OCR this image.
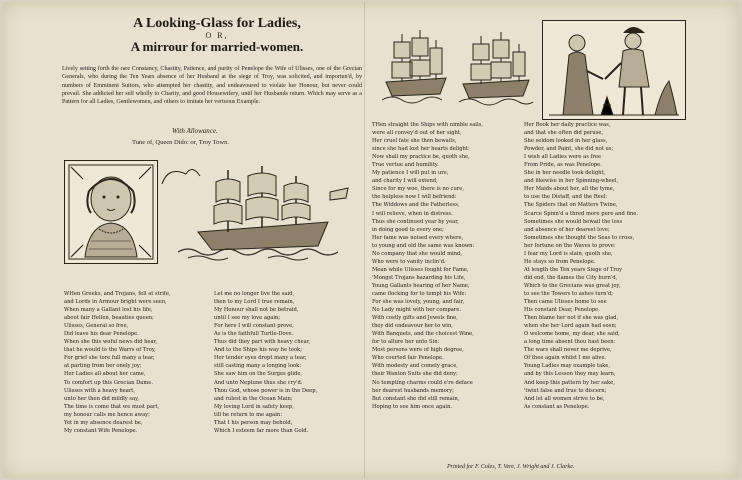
A Looking-Glass for Ladies,
O R,
A mirrour for married-women.
Lively setting forth the rare Constancy, Chastity, Patience, and purity of Penelope the Wife of Ulisses, one of the Grecian Generals, who during the Ten Years absence of her Husband at the siege of Troy, was solicited, and importun'd, by numbers of Emminent Suitors, who attempted her chastity, and endeavoured to violate her Honour, but never could prevail. She addicted her self wholly to Charity, and good Housewifery, until her Husbands return. Which may serve as a Pattern for all Ladies, Gentlewomen, and others to imitate her vertuous Example.
With Allowance.
Tune of, Queen Dido: or, Troy Town.
WHen Greeks, and Trojans, fell at strife,
and Lords in Armour bright were seen,
When many a Gallant lost his life,
about fair Hellen, beauties queen;
Ulisses, General so free,
Did leave his dear Penelope.
When she this woful news did hear,
that he would to the Warrs of Troy,
For grief she tore full many a tear,
at parting from her onely joy;
Her Ladies all about her came,
To comfort up this Grecian Dame.
Ulisses with a heavy heart,
unto her then did mildly say,
The time is come that we must part,
my honour calls me hence away;
Yet in my absence dearest be,
My constant Wife Penelope.
Let me no longer live the said,
then to my Lord I true remain,
My Honour shall not be betraid,
until I see my love again;
For here I will constant prove,
As is the faithfull Turtle-Dove.
Thus did they part with heavy chear,
And to the Ships his way he took;
Her tender eyes dropt many a tear,
still casting many a longing look:
She saw him on the Surges glide,
And unto Neptune thus she cry'd.
Thou God, whose power is in the Deep,
and rulest in the Ocean Main;
My loving Lord in safety keep,
till he return to me again:
That I his person may behold,
Which I esteem far more than Gold.
THen straight the Ships with nimble sails,
were all convey'd out of her sight,
Her cruel fate she then bewails,
since she had lost her hearts delight:
Now shall my practice be, quoth she,
True vertue and humility.
My patience I will put in ure,
and charity I will extend,
Since for my woe, there is no cure,
the helpless now I will befriend:
The Widdows and the Fatherless,
I will relieve, when in distress.
Thus she continued year by year,
in doing good to every one;
Her fame was noised every where,
to young and old the same was known:
No company that she would mind,
Who were to vanity inclin'd.
Mean while Ulisses fought for Fame,
'Mongst Trojans hazarding his Life,
Young Gallants hearing of her Name,
came flocking for to tempt his Wife:
For she was lovely, young, and fair,
No Lady might with her compare.
With costly gifts and Jewels fine,
they did endeavour her to win,
With Banquets, and the choicest Wine,
for to allure her unto Sin:
Most persons were of high degree,
Who courted fair Penelope.
With modesty and comely grace,
their Wanton Suits she did deny;
No tempting charms could e're deface
her dearest husbands memory;
But constant she did still remain,
Hoping to see him once again.
Her Book her daily practice was,
and that she often did peruse,
She seldom looked in her glass,
Powder, and Paint, she did not us;
I wish all Ladies were as free
From Pride, as was Penelope.
She in her needle took delight,
and likewise in her Spinning-wheel,
Her Maids about her, all the tyme,
to use the Distaff, and the Reel:
The Spiders that on Matters Twine,
Scarce Spinn'd a thred more pure and fine.
Sometimes she would bewail the loss
and absence of her dearest love;
Sometimes she thought the Seas to cross,
her fortune on the Waves to prove:
I fear my Lord is slain, quoth she,
He stays so from Penelope.
At length the Ten years Siege of Troy
did end, the flames the City burn'd,
Which to the Grecians was great joy,
to see the Towers to ashes turn'd;
Then came Ulisses home to see
His constant Dear, Penelope.
Then blame her not if she was glad,
when she her Lord again had seen;
O welcome home, my dear, she said,
a long time absent thou hast been:
The wars shall never me deprive,
Of thee again whilst I me alive.
Young Ladies may example take,
and by this Lesson they may learn,
And keep this pattern by her sake,
'twixt false and true to discern;
And let all women strive to be,
As constant as Penelope.
Printed for F. Coles, T. Vere, J. Wright and J. Clarke.
